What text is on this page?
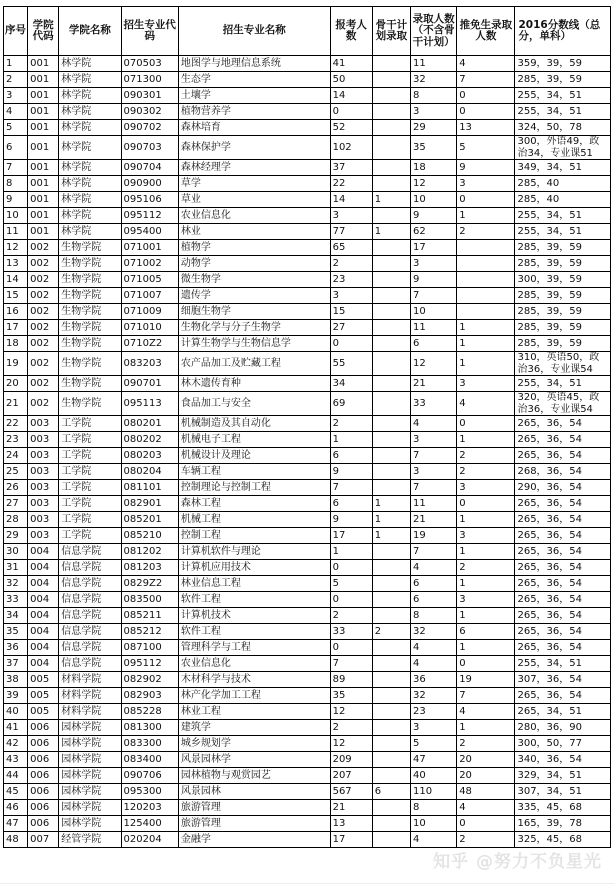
序号	学院代码	学院名称	招生专业代码	招生专业名称	报考人数	骨干计划录取	录取人数（不含骨干计划）	推免生录取人数	2016分数线（总分，单科）
1	001	林学院	070503	地图学与地理信息系统	41		11	4	359，39，59
2	001	林学院	071300	生态学	50		32	7	285，39，59
3	001	林学院	090301	土壤学	14		8	0	255，34，51
4	001	林学院	090302	植物营养学	0		3	0	255，34，51
5	001	林学院	090702	森林培育	52		29	13	324，50，78
6	001	林学院	090703	森林保护学	102		35	5	300，外语49，政治34，专业课51
7	001	林学院	090704	森林经理学	37		18	9	349，34，51
8	001	林学院	090900	草学	22		12	3	285，40
9	001	林学院	095106	草业	14	1	10	0	285，40
10	001	林学院	095112	农业信息化	3		9	1	255，34，51
11	001	林学院	095400	林业	77	1	62	2	255，34，51
12	002	生物学院	071001	植物学	65		17		285，39，59
13	002	生物学院	071002	动物学	2		3		285，39，59
14	002	生物学院	071005	微生物学	23		9		300，39，59
15	002	生物学院	071007	遗传学	3		7		285，39，59
16	002	生物学院	071009	细胞生物学	15		10		285，39，59
17	002	生物学院	071010	生物化学与分子生物学	27		11	1	285，39，59
18	002	生物学院	0710Z2	计算生物学与生物信息学	0		6	1	285，39，59
19	002	生物学院	083203	农产品加工及贮藏工程	55		12	1	310，英语50，政治36，专业课54
20	002	生物学院	090701	林木遗传育种	34		21	3	255，34，51
21	002	生物学院	095113	食品加工与安全	69		33	4	320，英语45，政治36，专业课54
22	003	工学院	080201	机械制造及其自动化	2		4	0	265，36，54
23	003	工学院	080202	机械电子工程	1		3	1	265，36，54
24	003	工学院	080203	机械设计及理论	6		7	2	265，36，54
25	003	工学院	080204	车辆工程	9		3	2	268，36，54
26	003	工学院	081101	控制理论与控制工程	7		7	3	290，36，54
27	003	工学院	082901	森林工程	6	1	11	0	265，36，54
28	003	工学院	085201	机械工程	9	1	21	1	265，36，54
29	003	工学院	085210	控制工程	17	1	19	3	265，36，54
30	004	信息学院	081202	计算机软件与理论	1		7	1	265，36，54
31	004	信息学院	081203	计算机应用技术	0		4	2	265，36，54
32	004	信息学院	0829Z2	林业信息工程	5		6	1	265，36，54
33	004	信息学院	083500	软件工程	0		6	3	265，36，54
34	004	信息学院	085211	计算机技术	2		8	1	265，36，54
35	004	信息学院	085212	软件工程	33	2	32	6	265，36，54
36	004	信息学院	087100	管理科学与工程	0		4	1	265，36，54
37	004	信息学院	095112	农业信息化	7		4	0	255，34，51
38	005	材料学院	082902	木材科学与技术	89		36	19	307，36，54
39	005	材料学院	082903	林产化学加工工程	35		32	7	265，36，54
40	005	材料学院	085228	林业工程	12		23	4	265，34，51
41	006	园林学院	081300	建筑学	2		3	1	280，36，90
42	006	园林学院	083300	城乡规划学	12		5	2	300，50，77
43	006	园林学院	083400	风景园林学	209		47	20	340，36，54
44	006	园林学院	090706	园林植物与观赏园艺	207		40	20	329，34，51
45	006	园林学院	095300	风景园林	567	6	110	48	307，34，51
46	006	园林学院	120203	旅游管理	21		8	4	335，45，68
47	006	园林学院	125400	旅游管理	13		10	0	165，39，78
48	007	经管学院	020204	金融学	17		4	2	325，45，68
知乎 @努力不负星光
